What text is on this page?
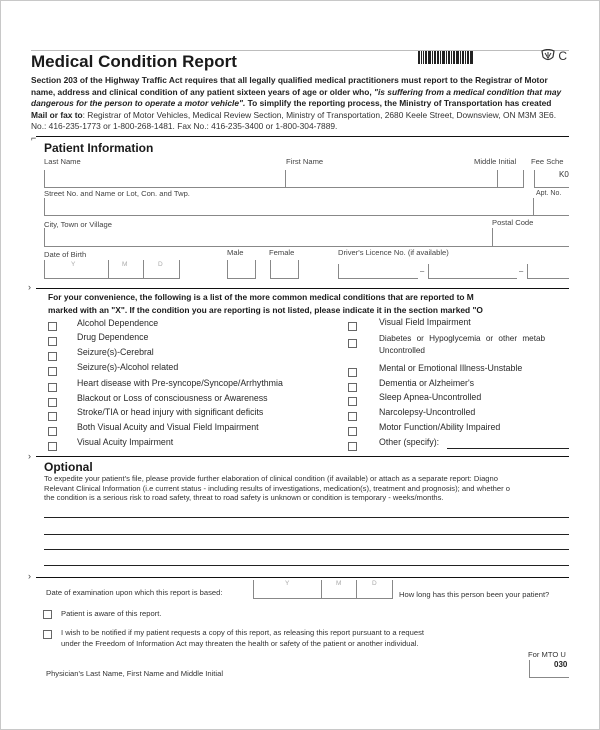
Medical Condition Report	C
Section 203 of the Highway Traffic Act requires that all legally qualified medical practitioners must report to the Registrar of Motor
name, address and clinical condition of any patient sixteen years of age or older who, "is suffering from a medical condition that may
dangerous for the person to operate a motor vehicle". To simplify the reporting process, the Ministry of Transportation has created
Mail or fax to: Registrar of Motor Vehicles, Medical Review Section, Ministry of Transportation, 2680 Keele Street, Downsview, ON M3M 3E6.
No.: 416-235-1773 or 1-800-268-1481. Fax No.: 416-235-3400 or 1-800-304-7889.
⌐
Patient Information
Last Name	First Name	Middle Initial Fee Sche
K0
Street No. and Name or Lot, Con. and Twp.	Apt. No.
City, Town or Village	Postal Code
Date of Birth
Y	M	D
Male	Female	Driver's Licence No. (if available)
–	–
›
For your convenience, the following is a list of the more common medical conditions that are reported to M
marked with an "X". If the condition you are reporting is not listed, please indicate it in the section marked "O
Alcohol Dependence
Drug Dependence
Seizure(s)-Cerebral
Seizure(s)-Alcohol related
Heart disease with Pre-syncope/Syncope/Arrhythmia
Blackout or Loss of consciousness or Awareness
Stroke/TIA or head injury with significant deficits
Both Visual Acuity and Visual Field Impairment
Visual Acuity Impairment
Visual Field Impairment
Diabetes or Hypoglycemia or other metab
Uncontrolled
Mental or Emotional Illness-Unstable
Dementia or Alzheimer's
Sleep Apnea-Uncontrolled
Narcolepsy-Uncontrolled
Motor Function/Ability Impaired
Other (specify):
›
Optional
To expedite your patient's file, please provide further elaboration of clinical condition (if available) or attach as a separate report: Diagno
Relevant Clinical Information (i.e current status - including results of investigations, medication(s), treatment and prognosis); and whether o
the condition is a serious risk to road safety, threat to road safety is unknown or condition is temporary - weeks/months.
›
Date of examination upon which this report is based:
Y	M	D
How long has this person been your patient?
Patient is aware of this report.
I wish to be notified if my patient requests a copy of this report, as releasing this report pursuant to a request
under the Freedom of Information Act may threaten the health or safety of the patient or another individual.
Physician's Last Name, First Name and Middle Initial
For MTO U
030
